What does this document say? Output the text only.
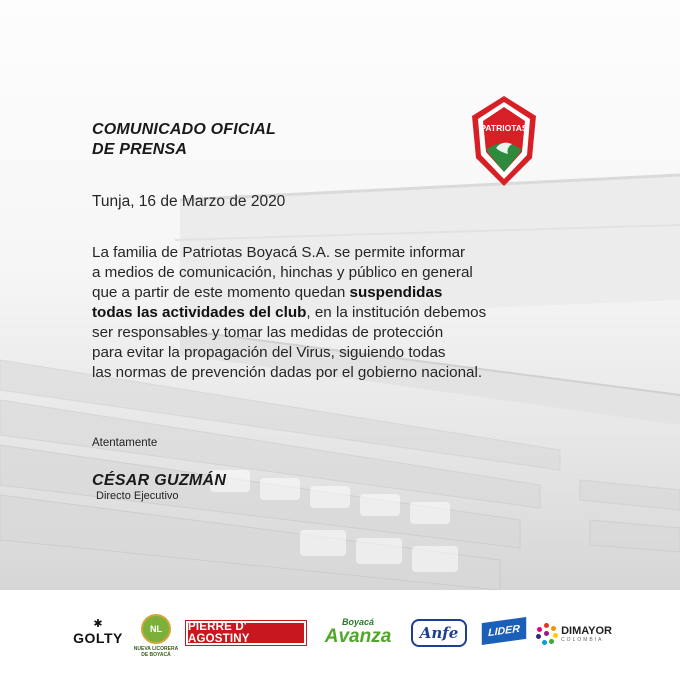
COMUNICADO OFICIAL
DE PRENSA
PATRIOTAS
Tunja, 16 de Marzo de 2020
La familia de Patriotas Boyacá S.A. se permite informar
a medios de comunicación, hinchas y público en general
que a partir de este momento quedan suspendidas
todas las actividades del club, en la institución debemos
ser responsables y tomar las medidas de protección
para evitar la propagación del Virus, siguiendo todas
las normas de prevención dadas por el gobierno nacional.
Atentamente
CÉSAR GUZMÁN
Directo Ejecutivo
✱
GOLTY
NL
NUEVA LICORERA DE BOYACÁ
PIERRE D' AGOSTINY
Boyacá
Avanza	Anfe	LIDER	DIMAYOR
COLOMBIA
